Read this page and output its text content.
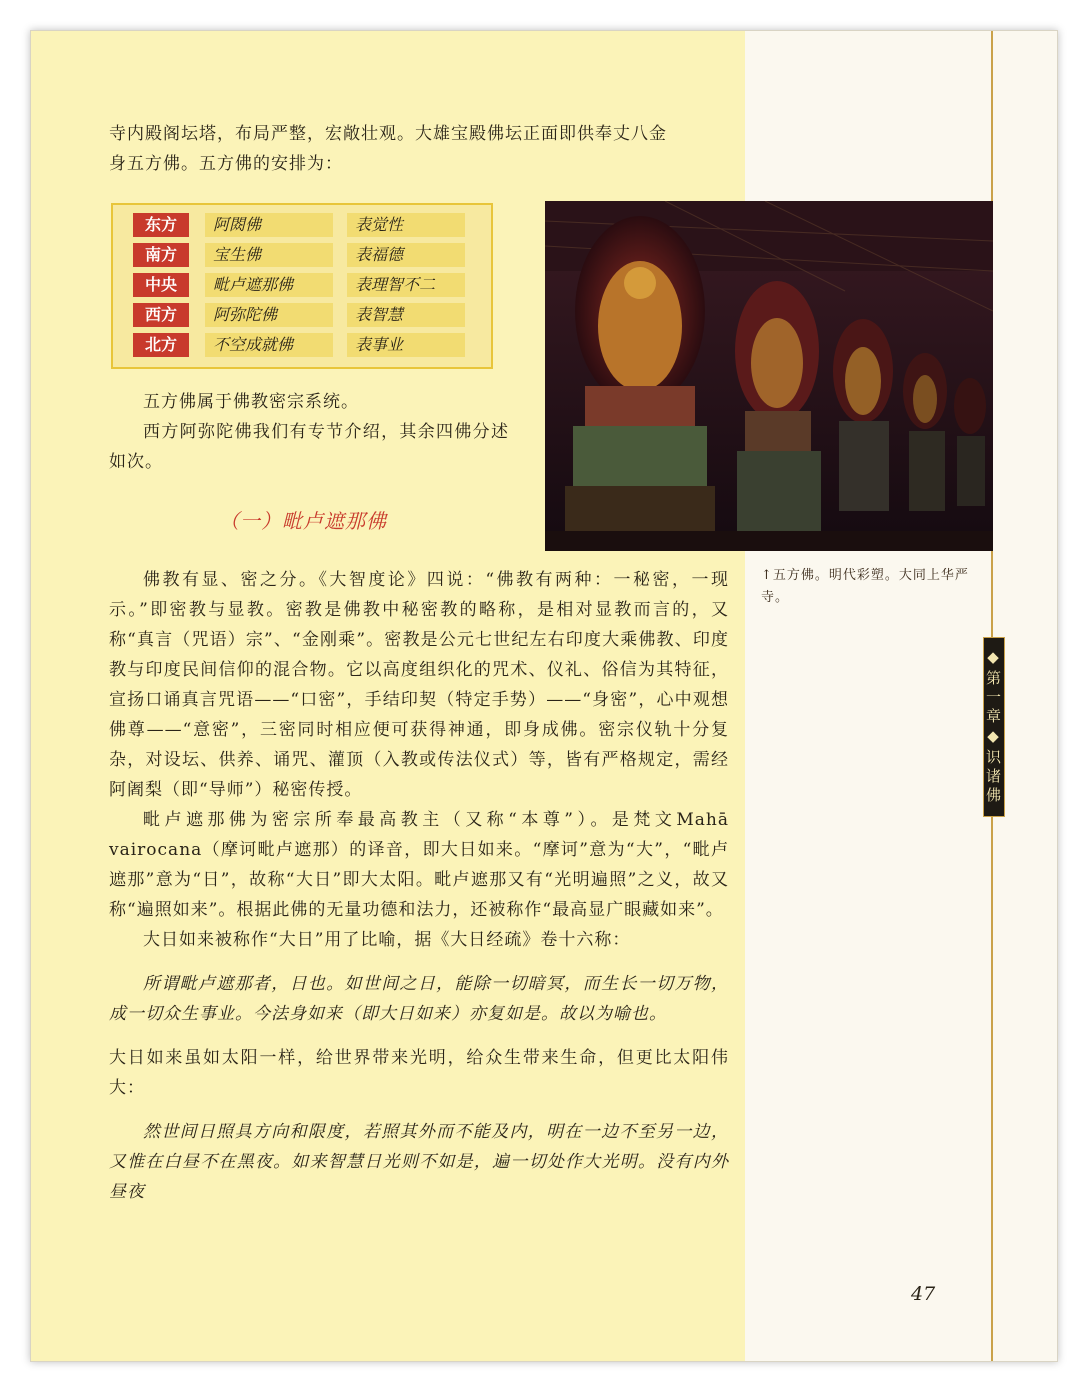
寺内殿阁坛塔，布局严整，宏敞壮观。大雄宝殿佛坛正面即供奉丈八金

身五方佛。五方佛的安排为：

东方	阿閦佛	表觉性
南方	宝生佛	表福德
中央	毗卢遮那佛	表理智不二
西方	阿弥陀佛	表智慧
北方	不空成就佛	表事业

五方佛属于佛教密宗系统。

西方阿弥陀佛我们有专节介绍，其余四佛分述如次。

（一）毗卢遮那佛
↑五方佛。明代彩塑。大同上华严寺。
◆第一章◆识诸佛

佛教有显、密之分。《大智度论》四说：“佛教有两种：一秘密，一现示。”即密教与显教。密教是佛教中秘密教的略称，是相对显教而言的，又称“真言（咒语）宗”、“金刚乘”。密教是公元七世纪左右印度大乘佛教、印度教与印度民间信仰的混合物。它以高度组织化的咒术、仪礼、俗信为其特征，宣扬口诵真言咒语——“口密”，手结印契（特定手势）——“身密”，心中观想佛尊——“意密”，三密同时相应便可获得神通，即身成佛。密宗仪轨十分复杂，对设坛、供养、诵咒、灌顶（入教或传法仪式）等，皆有严格规定，需经阿阇梨（即“导师”）秘密传授。

毗卢遮那佛为密宗所奉最高教主（又称“本尊”）。是梵文Mahā vairocana（摩诃毗卢遮那）的译音，即大日如来。“摩诃”意为“大”，“毗卢遮那”意为“日”，故称“大日”即大太阳。毗卢遮那又有“光明遍照”之义，故又称“遍照如来”。根据此佛的无量功德和法力，还被称作“最高显广眼藏如来”。

大日如来被称作“大日”用了比喻，据《大日经疏》卷十六称：

所谓毗卢遮那者，日也。如世间之日，能除一切暗冥，而生长一切万物，成一切众生事业。今法身如来（即大日如来）亦复如是。故以为喻也。

大日如来虽如太阳一样，给世界带来光明，给众生带来生命，但更比太阳伟大：

然世间日照具方向和限度，若照其外而不能及内，明在一边不至另一边，又惟在白昼不在黑夜。如来智慧日光则不如是，遍一切处作大光明。没有内外昼夜

47
